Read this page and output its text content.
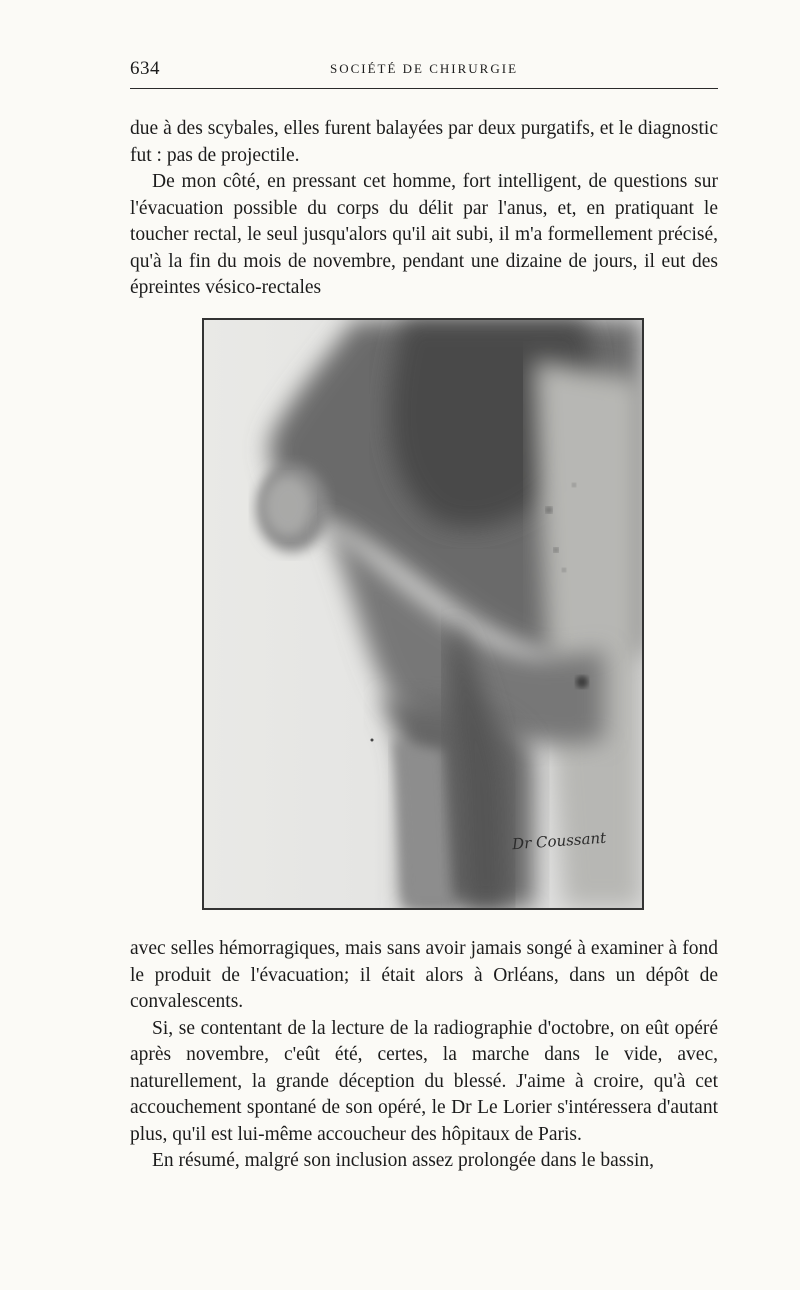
634	SOCIÉTÉ DE CHIRURGIE

due à des scybales, elles furent balayées par deux purgatifs, et le diagnostic fut : pas de projectile.

De mon côté, en pressant cet homme, fort intelligent, de questions sur l'évacuation possible du corps du délit par l'anus, et, en pratiquant le toucher rectal, le seul jusqu'alors qu'il ait subi, il m'a formellement précisé, qu'à la fin du mois de novembre, pendant une dizaine de jours, il eut des épreintes vésico-rectales

Dr Coussant

avec selles hémorragiques, mais sans avoir jamais songé à examiner à fond le produit de l'évacuation; il était alors à Orléans, dans un dépôt de convalescents.

Si, se contentant de la lecture de la radiographie d'octobre, on eût opéré après novembre, c'eût été, certes, la marche dans le vide, avec, naturellement, la grande déception du blessé. J'aime à croire, qu'à cet accouchement spontané de son opéré, le Dr Le Lorier s'intéressera d'autant plus, qu'il est lui-même accoucheur des hôpitaux de Paris.

En résumé, malgré son inclusion assez prolongée dans le bassin,
